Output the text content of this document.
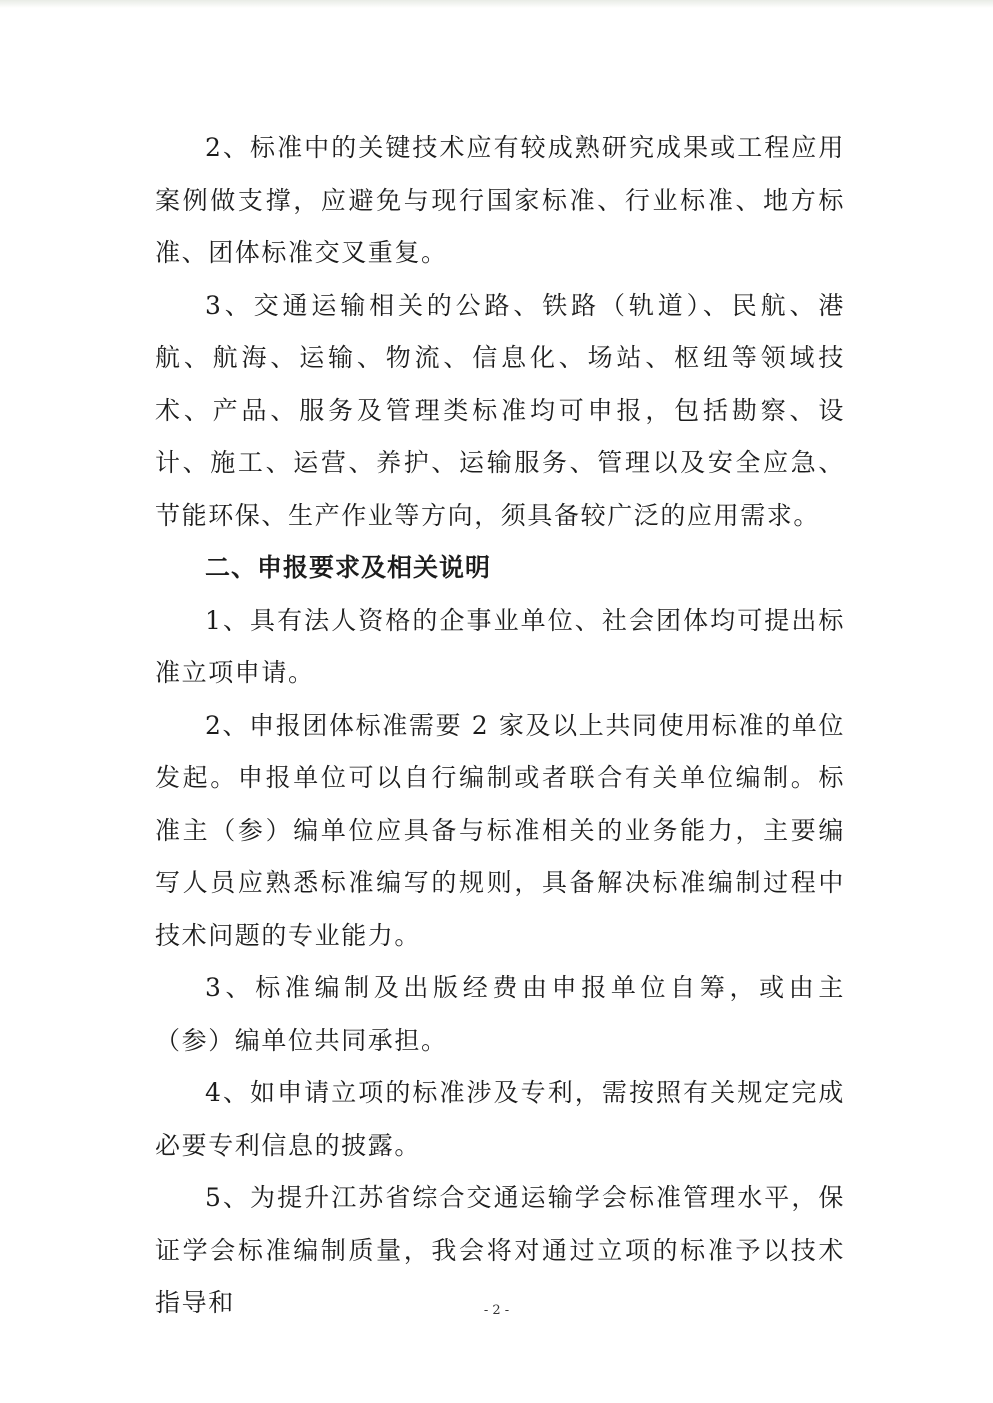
2、标准中的关键技术应有较成熟研究成果或工程应用案例做支撑，应避免与现行国家标准、行业标准、地方标准、团体标准交叉重复。

3、交通运输相关的公路、铁路（轨道）、民航、港航、航海、运输、物流、信息化、场站、枢纽等领域技术、产品、服务及管理类标准均可申报，包括勘察、设计、施工、运营、养护、运输服务、管理以及安全应急、节能环保、生产作业等方向，须具备较广泛的应用需求。

二、申报要求及相关说明

1、具有法人资格的企事业单位、社会团体均可提出标准立项申请。

2、申报团体标准需要 2 家及以上共同使用标准的单位发起。申报单位可以自行编制或者联合有关单位编制。标准主（参）编单位应具备与标准相关的业务能力，主要编写人员应熟悉标准编写的规则，具备解决标准编制过程中技术问题的专业能力。

3、标准编制及出版经费由申报单位自筹，或由主（参）编单位共同承担。

4、如申请立项的标准涉及专利，需按照有关规定完成必要专利信息的披露。

5、为提升江苏省综合交通运输学会标准管理水平，保证学会标准编制质量，我会将对通过立项的标准予以技术指导和	- 2 -
